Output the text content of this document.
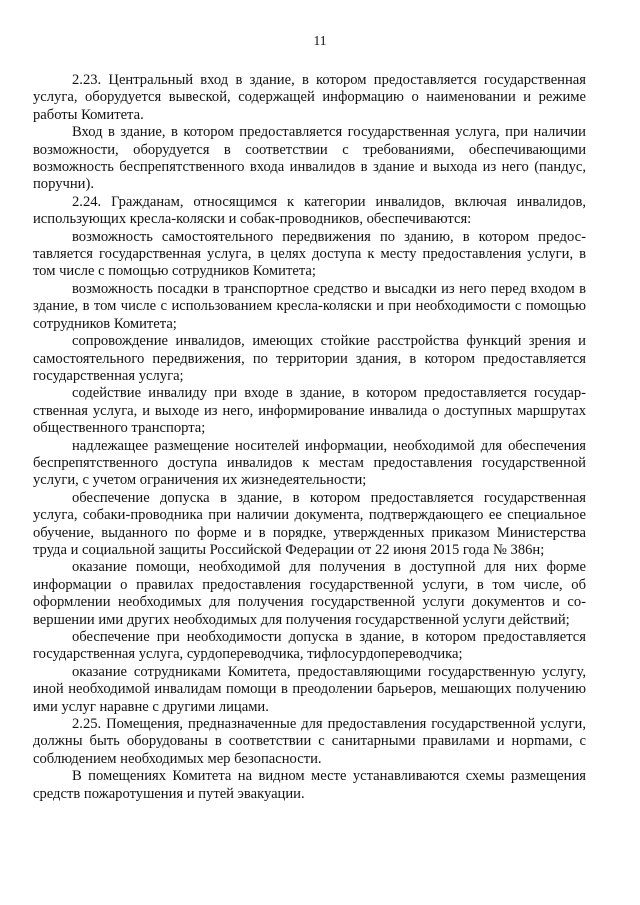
11

2.23. Центральный вход в здание, в котором предоставляется государственная услуга, оборудуется вывеской, содержащей информацию о наименовании и режиме работы Комитета.

Вход в здание, в котором предоставляется государственная услуга, при наличии возможности, оборудуется в соответствии с требованиями, обеспечивающими возможность беспрепятственного входа инвалидов в здание и выхода из него (пандус, поручни).

2.24. Гражданам, относящимся к категории инвалидов, включая инвалидов, использующих кресла-коляски и собак-проводников, обеспечиваются:

возможность самостоятельного передвижения по зданию, в котором предоставляется государственная услуга, в целях доступа к месту предоставления услуги, в том числе с помощью сотрудников Комитета;

возможность посадки в транспортное средство и высадки из него перед входом в здание, в том числе с использованием кресла-коляски и при необходимости с помощью сотрудников Комитета;

сопровождение инвалидов, имеющих стойкие расстройства функций зрения и самостоятельного передвижения, по территории здания, в котором предоставляется государственная услуга;

содействие инвалиду при входе в здание, в котором предоставляется государственная услуга, и выходе из него, информирование инвалида о доступных маршрутах общественного транспорта;

надлежащее размещение носителей информации, необходимой для обеспечения беспрепятственного доступа инвалидов к местам предоставления государственной услуги, с учетом ограничения их жизнедеятельности;

обеспечение допуска в здание, в котором предоставляется государственная услуга, собаки-проводника при наличии документа, подтверждающего ее специальное обучение, выданного по форме и в порядке, утвержденных приказом Министерства труда и социальной защиты Российской Федерации от 22 июня 2015 года № 386н;

оказание помощи, необходимой для получения в доступной для них форме информации о правилах предоставления государственной услуги, в том числе, об оформлении необходимых для получения государственной услуги документов и совершении ими других необходимых для получения государственной услуги действий;

обеспечение при необходимости допуска в здание, в котором предоставляется государственная услуга, сурдопереводчика, тифлосурдопереводчика;

оказание сотрудниками Комитета, предоставляющими государственную услугу, иной необходимой инвалидам помощи в преодолении барьеров, мешающих получению ими услуг наравне с другими лицами.

2.25. Помещения, предназначенные для предоставления государственной услуги, должны быть оборудованы в соответствии с санитарными правилами и норmами, с соблюдением необходимых мер безопасности.

В помещениях Комитета на видном месте устанавливаются схемы размещения средств пожаротушения и путей эвакуации.
